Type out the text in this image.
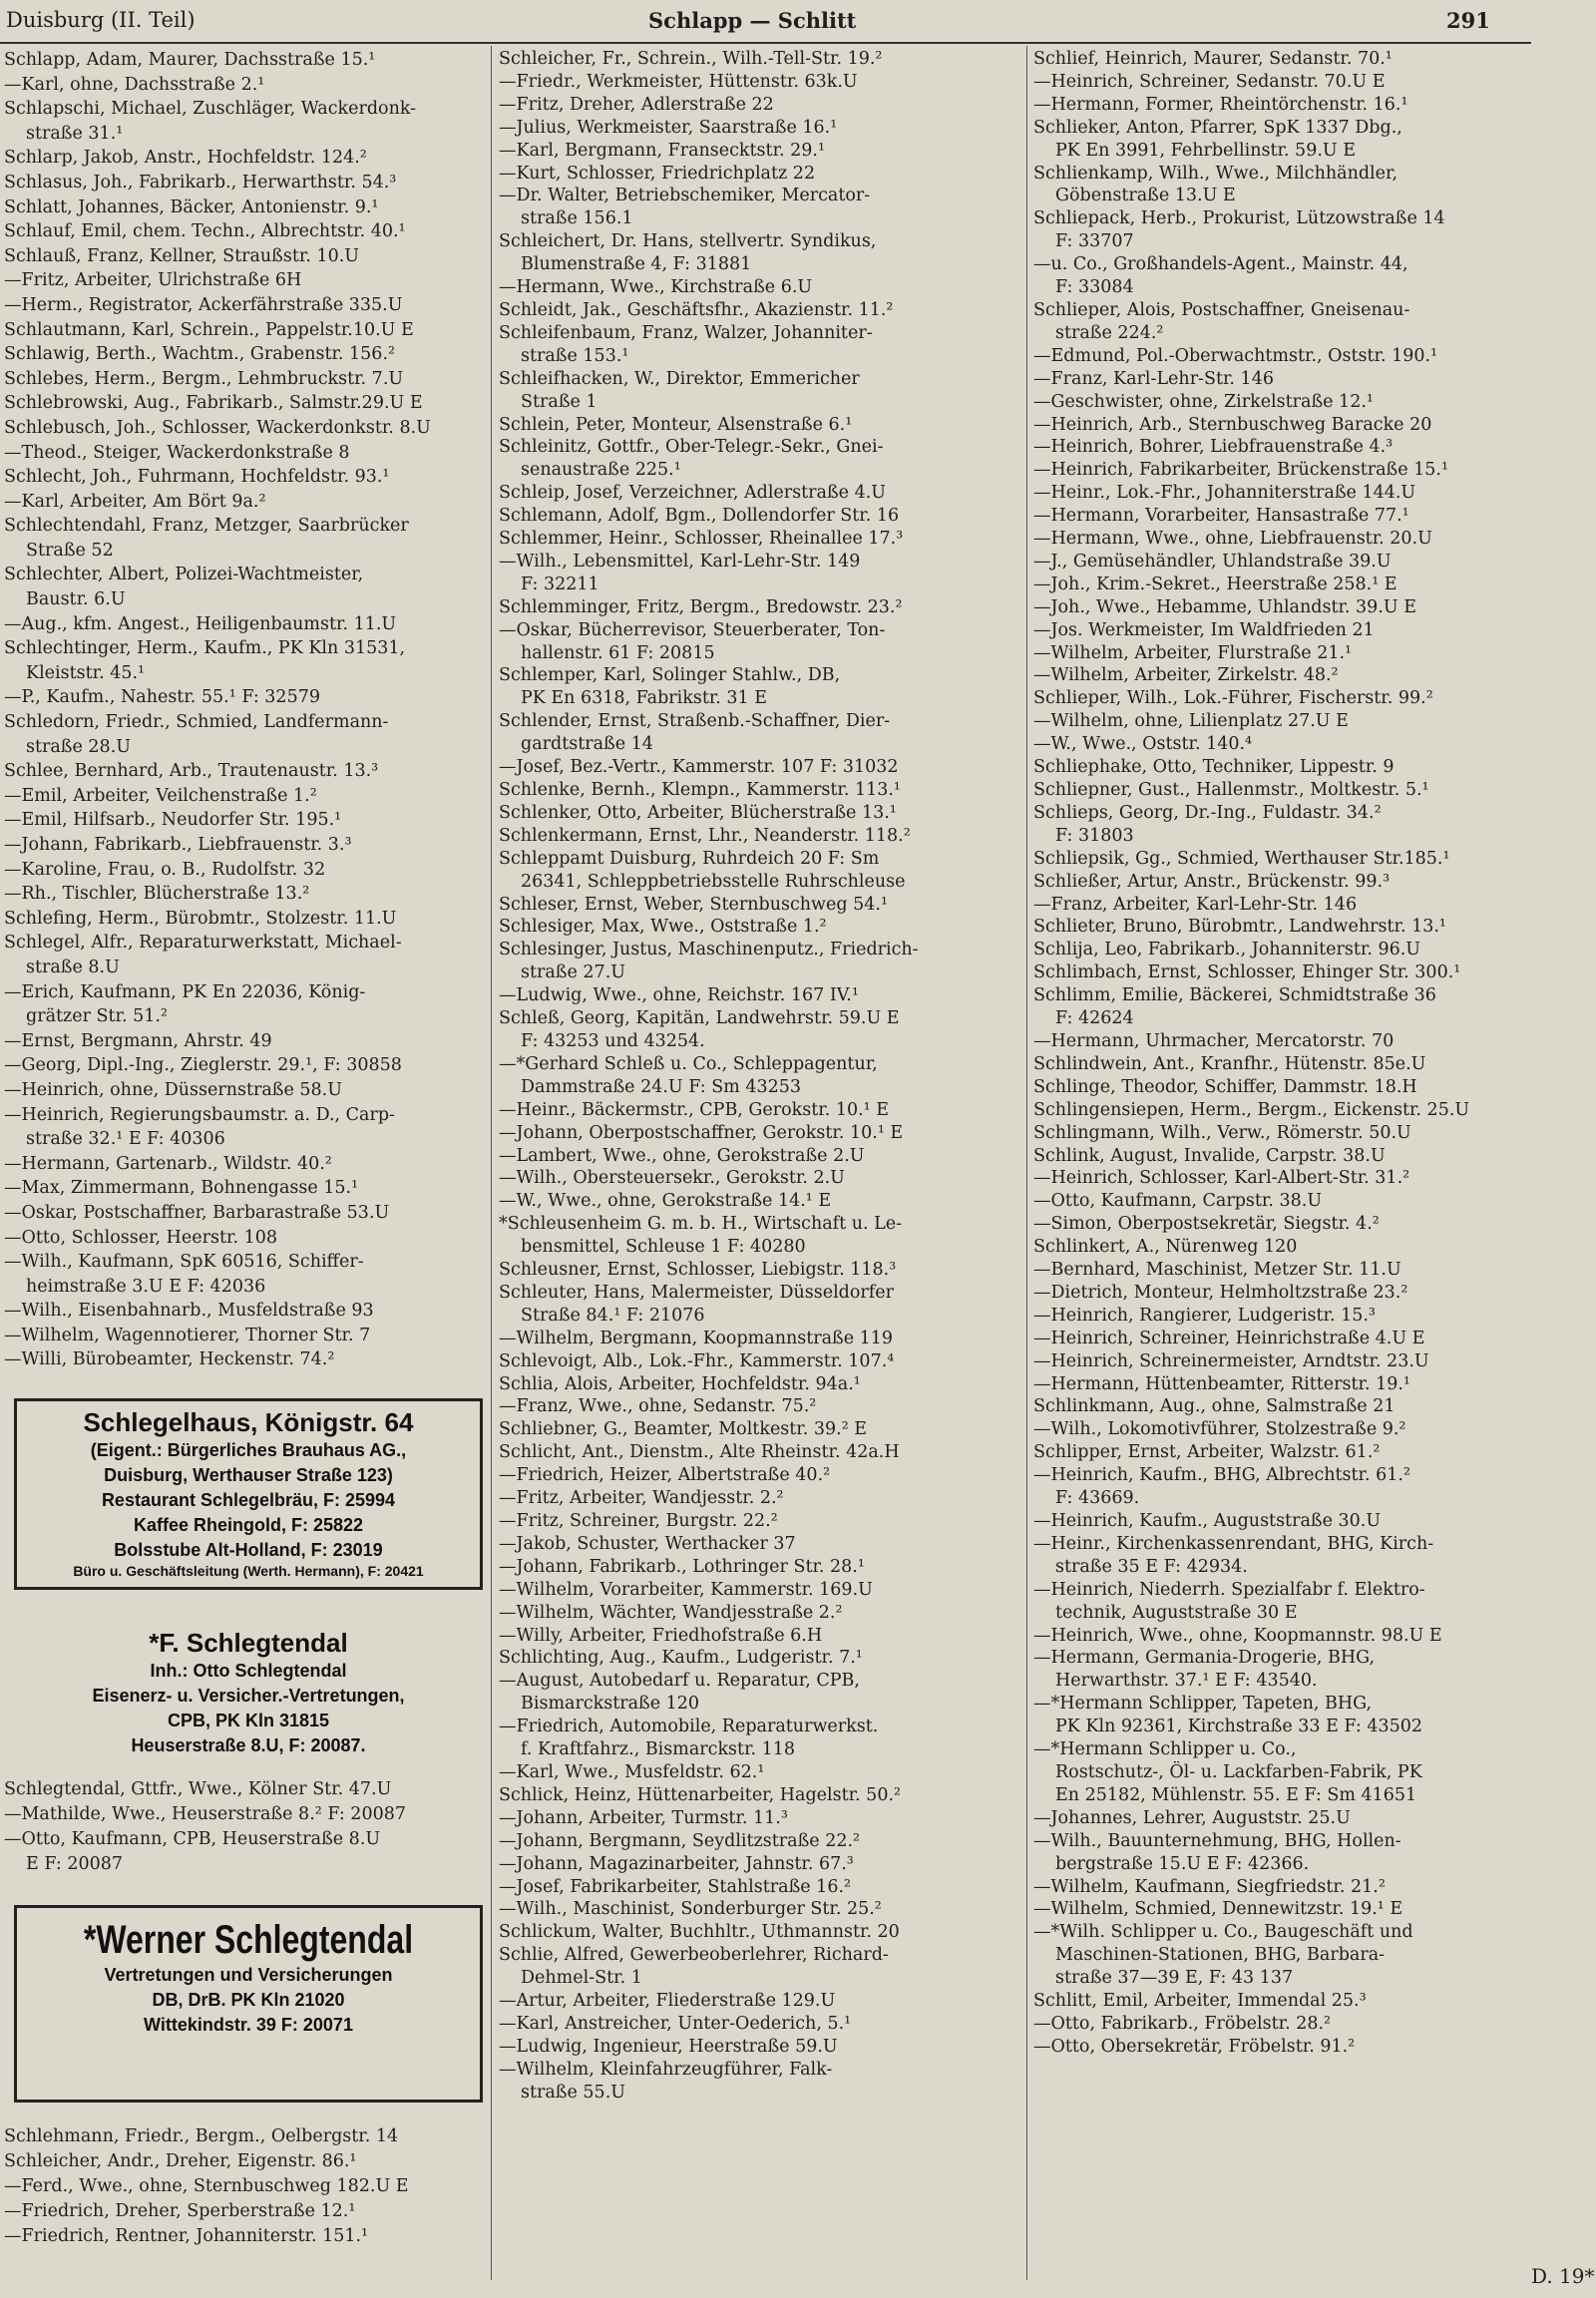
Duisburg (II. Teil)	Schlapp — Schlitt	291
Schlapp, Adam, Maurer, Dachsstraße 15.¹
—Karl, ohne, Dachsstraße 2.¹
Schlapschi, Michael, Zuschläger, Wackerdonk-
straße 31.¹
Schlarp, Jakob, Anstr., Hochfeldstr. 124.²
Schlasus, Joh., Fabrikarb., Herwarthstr. 54.³
Schlatt, Johannes, Bäcker, Antonienstr. 9.¹
Schlauf, Emil, chem. Techn., Albrechtstr. 40.¹
Schlauß, Franz, Kellner, Straußstr. 10.U
—Fritz, Arbeiter, Ulrichstraße 6H
—Herm., Registrator, Ackerfährstraße 335.U
Schlautmann, Karl, Schrein., Pappelstr.10.U E
Schlawig, Berth., Wachtm., Grabenstr. 156.²
Schlebes, Herm., Bergm., Lehmbruckstr. 7.U
Schlebrowski, Aug., Fabrikarb., Salmstr.29.U E
Schlebusch, Joh., Schlosser, Wackerdonkstr. 8.U
—Theod., Steiger, Wackerdonkstraße 8
Schlecht, Joh., Fuhrmann, Hochfeldstr. 93.¹
—Karl, Arbeiter, Am Bört 9a.²
Schlechtendahl, Franz, Metzger, Saarbrücker
Straße 52
Schlechter, Albert, Polizei-Wachtmeister,
Baustr. 6.U
—Aug., kfm. Angest., Heiligenbaumstr. 11.U
Schlechtinger, Herm., Kaufm., PK Kln 31531,
Kleiststr. 45.¹
—P., Kaufm., Nahestr. 55.¹ F: 32579
Schledorn, Friedr., Schmied, Landfermann-
straße 28.U
Schlee, Bernhard, Arb., Trautenaustr. 13.³
—Emil, Arbeiter, Veilchenstraße 1.²
—Emil, Hilfsarb., Neudorfer Str. 195.¹
—Johann, Fabrikarb., Liebfrauenstr. 3.³
—Karoline, Frau, o. B., Rudolfstr. 32
—Rh., Tischler, Blücherstraße 13.²
Schlefing, Herm., Bürobmtr., Stolzestr. 11.U
Schlegel, Alfr., Reparaturwerkstatt, Michael-
straße 8.U
—Erich, Kaufmann, PK En 22036, König-
grätzer Str. 51.²
—Ernst, Bergmann, Ahrstr. 49
—Georg, Dipl.-Ing., Zieglerstr. 29.¹, F: 30858
—Heinrich, ohne, Düssernstraße 58.U
—Heinrich, Regierungsbaumstr. a. D., Carp-
straße 32.¹ E F: 40306
—Hermann, Gartenarb., Wildstr. 40.²
—Max, Zimmermann, Bohnengasse 15.¹
—Oskar, Postschaffner, Barbarastraße 53.U
—Otto, Schlosser, Heerstr. 108
—Wilh., Kaufmann, SpK 60516, Schiffer-
heimstraße 3.U E F: 42036
—Wilh., Eisenbahnarb., Musfeldstraße 93
—Wilhelm, Wagennotierer, Thorner Str. 7
—Willi, Bürobeamter, Heckenstr. 74.²
Schlegelhaus, Königstr. 64
(Eigent.: Bürgerliches Brauhaus AG.,
Duisburg, Werthauser Straße 123)
Restaurant Schlegelbräu, F: 25994
Kaffee Rheingold, F: 25822
Bolsstube Alt-Holland, F: 23019
Büro u. Geschäftsleitung (Werth. Hermann), F: 20421
*F. Schlegtendal
Inh.: Otto Schlegtendal
Eisenerz- u. Versicher.-Vertretungen,
CPB, PK Kln 31815
Heuserstraße 8.U, F: 20087.
Schlegtendal, Gttfr., Wwe., Kölner Str. 47.U
—Mathilde, Wwe., Heuserstraße 8.² F: 20087
—Otto, Kaufmann, CPB, Heuserstraße 8.U
E F: 20087
*Werner Schlegtendal
Vertretungen und Versicherungen
DB, DrB. PK Kln 21020
Wittekindstr. 39 F: 20071
Schlehmann, Friedr., Bergm., Oelbergstr. 14
Schleicher, Andr., Dreher, Eigenstr. 86.¹
—Ferd., Wwe., ohne, Sternbuschweg 182.U E
—Friedrich, Dreher, Sperberstraße 12.¹
—Friedrich, Rentner, Johanniterstr. 151.¹
Schleicher, Fr., Schrein., Wilh.-Tell-Str. 19.²
—Friedr., Werkmeister, Hüttenstr. 63k.U
—Fritz, Dreher, Adlerstraße 22
—Julius, Werkmeister, Saarstraße 16.¹
—Karl, Bergmann, Fransecktstr. 29.¹
—Kurt, Schlosser, Friedrichplatz 22
—Dr. Walter, Betriebschemiker, Mercator-
straße 156.1
Schleichert, Dr. Hans, stellvertr. Syndikus,
Blumenstraße 4, F: 31881
—Hermann, Wwe., Kirchstraße 6.U
Schleidt, Jak., Geschäftsfhr., Akazienstr. 11.²
Schleifenbaum, Franz, Walzer, Johanniter-
straße 153.¹
Schleifhacken, W., Direktor, Emmericher
Straße 1
Schlein, Peter, Monteur, Alsenstraße 6.¹
Schleinitz, Gottfr., Ober-Telegr.-Sekr., Gnei-
senaustraße 225.¹
Schleip, Josef, Verzeichner, Adlerstraße 4.U
Schlemann, Adolf, Bgm., Dollendorfer Str. 16
Schlemmer, Heinr., Schlosser, Rheinallee 17.³
—Wilh., Lebensmittel, Karl-Lehr-Str. 149
F: 32211
Schlemminger, Fritz, Bergm., Bredowstr. 23.²
—Oskar, Bücherrevisor, Steuerberater, Ton-
hallenstr. 61 F: 20815
Schlemper, Karl, Solinger Stahlw., DB,
PK En 6318, Fabrikstr. 31 E
Schlender, Ernst, Straßenb.-Schaffner, Dier-
gardtstraße 14
—Josef, Bez.-Vertr., Kammerstr. 107 F: 31032
Schlenke, Bernh., Klempn., Kammerstr. 113.¹
Schlenker, Otto, Arbeiter, Blücherstraße 13.¹
Schlenkermann, Ernst, Lhr., Neanderstr. 118.²
Schleppamt Duisburg, Ruhrdeich 20 F: Sm
26341, Schleppbetriebsstelle Ruhrschleuse
Schleser, Ernst, Weber, Sternbuschweg 54.¹
Schlesiger, Max, Wwe., Oststraße 1.²
Schlesinger, Justus, Maschinenputz., Friedrich-
straße 27.U
—Ludwig, Wwe., ohne, Reichstr. 167 IV.¹
Schleß, Georg, Kapitän, Landwehrstr. 59.U E
F: 43253 und 43254.
—*Gerhard Schleß u. Co., Schleppagentur,
Dammstraße 24.U F: Sm 43253
—Heinr., Bäckermstr., CPB, Gerokstr. 10.¹ E
—Johann, Oberpostschaffner, Gerokstr. 10.¹ E
—Lambert, Wwe., ohne, Gerokstraße 2.U
—Wilh., Obersteuersekr., Gerokstr. 2.U
—W., Wwe., ohne, Gerokstraße 14.¹ E
*Schleusenheim G. m. b. H., Wirtschaft u. Le-
bensmittel, Schleuse 1 F: 40280
Schleusner, Ernst, Schlosser, Liebigstr. 118.³
Schleuter, Hans, Malermeister, Düsseldorfer
Straße 84.¹ F: 21076
—Wilhelm, Bergmann, Koopmannstraße 119
Schlevoigt, Alb., Lok.-Fhr., Kammerstr. 107.⁴
Schlia, Alois, Arbeiter, Hochfeldstr. 94a.¹
—Franz, Wwe., ohne, Sedanstr. 75.²
Schliebner, G., Beamter, Moltkestr. 39.² E
Schlicht, Ant., Dienstm., Alte Rheinstr. 42a.H
—Friedrich, Heizer, Albertstraße 40.²
—Fritz, Arbeiter, Wandjesstr. 2.²
—Fritz, Schreiner, Burgstr. 22.²
—Jakob, Schuster, Werthacker 37
—Johann, Fabrikarb., Lothringer Str. 28.¹
—Wilhelm, Vorarbeiter, Kammerstr. 169.U
—Wilhelm, Wächter, Wandjesstraße 2.²
—Willy, Arbeiter, Friedhofstraße 6.H
Schlichting, Aug., Kaufm., Ludgeristr. 7.¹
—August, Autobedarf u. Reparatur, CPB,
Bismarckstraße 120
—Friedrich, Automobile, Reparaturwerkst.
f. Kraftfahrz., Bismarckstr. 118
—Karl, Wwe., Musfeldstr. 62.¹
Schlick, Heinz, Hüttenarbeiter, Hagelstr. 50.²
—Johann, Arbeiter, Turmstr. 11.³
—Johann, Bergmann, Seydlitzstraße 22.²
—Johann, Magazinarbeiter, Jahnstr. 67.³
—Josef, Fabrikarbeiter, Stahlstraße 16.²
—Wilh., Maschinist, Sonderburger Str. 25.²
Schlickum, Walter, Buchhltr., Uthmannstr. 20
Schlie, Alfred, Gewerbeoberlehrer, Richard-
Dehmel-Str. 1
—Artur, Arbeiter, Fliederstraße 129.U
—Karl, Anstreicher, Unter-Oederich, 5.¹
—Ludwig, Ingenieur, Heerstraße 59.U
—Wilhelm, Kleinfahrzeugführer, Falk-
straße 55.U
Schlief, Heinrich, Maurer, Sedanstr. 70.¹
—Heinrich, Schreiner, Sedanstr. 70.U E
—Hermann, Former, Rheintörchenstr. 16.¹
Schlieker, Anton, Pfarrer, SpK 1337 Dbg.,
PK En 3991, Fehrbellinstr. 59.U E
Schlienkamp, Wilh., Wwe., Milchhändler,
Göbenstraße 13.U E
Schliepack, Herb., Prokurist, Lützowstraße 14
F: 33707
—u. Co., Großhandels-Agent., Mainstr. 44,
F: 33084
Schlieper, Alois, Postschaffner, Gneisenau-
straße 224.²
—Edmund, Pol.-Oberwachtmstr., Oststr. 190.¹
—Franz, Karl-Lehr-Str. 146
—Geschwister, ohne, Zirkelstraße 12.¹
—Heinrich, Arb., Sternbuschweg Baracke 20
—Heinrich, Bohrer, Liebfrauenstraße 4.³
—Heinrich, Fabrikarbeiter, Brückenstraße 15.¹
—Heinr., Lok.-Fhr., Johanniterstraße 144.U
—Hermann, Vorarbeiter, Hansastraße 77.¹
—Hermann, Wwe., ohne, Liebfrauenstr. 20.U
—J., Gemüsehändler, Uhlandstraße 39.U
—Joh., Krim.-Sekret., Heerstraße 258.¹ E
—Joh., Wwe., Hebamme, Uhlandstr. 39.U E
—Jos. Werkmeister, Im Waldfrieden 21
—Wilhelm, Arbeiter, Flurstraße 21.¹
—Wilhelm, Arbeiter, Zirkelstr. 48.²
Schlieper, Wilh., Lok.-Führer, Fischerstr. 99.²
—Wilhelm, ohne, Lilienplatz 27.U E
—W., Wwe., Oststr. 140.⁴
Schliephake, Otto, Techniker, Lippestr. 9
Schliepner, Gust., Hallenmstr., Moltkestr. 5.¹
Schlieps, Georg, Dr.-Ing., Fuldastr. 34.²
F: 31803
Schliepsik, Gg., Schmied, Werthauser Str.185.¹
Schließer, Artur, Anstr., Brückenstr. 99.³
—Franz, Arbeiter, Karl-Lehr-Str. 146
Schlieter, Bruno, Bürobmtr., Landwehrstr. 13.¹
Schlija, Leo, Fabrikarb., Johanniterstr. 96.U
Schlimbach, Ernst, Schlosser, Ehinger Str. 300.¹
Schlimm, Emilie, Bäckerei, Schmidtstraße 36
F: 42624
—Hermann, Uhrmacher, Mercatorstr. 70
Schlindwein, Ant., Kranfhr., Hütenstr. 85e.U
Schlinge, Theodor, Schiffer, Dammstr. 18.H
Schlingensiepen, Herm., Bergm., Eickenstr. 25.U
Schlingmann, Wilh., Verw., Römerstr. 50.U
Schlink, August, Invalide, Carpstr. 38.U
—Heinrich, Schlosser, Karl-Albert-Str. 31.²
—Otto, Kaufmann, Carpstr. 38.U
—Simon, Oberpostsekretär, Siegstr. 4.²
Schlinkert, A., Nürenweg 120
—Bernhard, Maschinist, Metzer Str. 11.U
—Dietrich, Monteur, Helmholtzstraße 23.²
—Heinrich, Rangierer, Ludgeristr. 15.³
—Heinrich, Schreiner, Heinrichstraße 4.U E
—Heinrich, Schreinermeister, Arndtstr. 23.U
—Hermann, Hüttenbeamter, Ritterstr. 19.¹
Schlinkmann, Aug., ohne, Salmstraße 21
—Wilh., Lokomotivführer, Stolzestraße 9.²
Schlipper, Ernst, Arbeiter, Walzstr. 61.²
—Heinrich, Kaufm., BHG, Albrechtstr. 61.²
F: 43669.
—Heinrich, Kaufm., Auguststraße 30.U
—Heinr., Kirchenkassenrendant, BHG, Kirch-
straße 35 E F: 42934.
—Heinrich, Niederrh. Spezialfabr f. Elektro-
technik, Auguststraße 30 E
—Heinrich, Wwe., ohne, Koopmannstr. 98.U E
—Hermann, Germania-Drogerie, BHG,
Herwarthstr. 37.¹ E F: 43540.
—*Hermann Schlipper, Tapeten, BHG,
PK Kln 92361, Kirchstraße 33 E F: 43502
—*Hermann Schlipper u. Co.,
Rostschutz-, Öl- u. Lackfarben-Fabrik, PK
En 25182, Mühlenstr. 55. E F: Sm 41651
—Johannes, Lehrer, Auguststr. 25.U
—Wilh., Bauunternehmung, BHG, Hollen-
bergstraße 15.U E F: 42366.
—Wilhelm, Kaufmann, Siegfriedstr. 21.²
—Wilhelm, Schmied, Dennewitzstr. 19.¹ E
—*Wilh. Schlipper u. Co., Baugeschäft und
Maschinen-Stationen, BHG, Barbara-
straße 37—39 E, F: 43 137
Schlitt, Emil, Arbeiter, Immendal 25.³
—Otto, Fabrikarb., Fröbelstr. 28.²
—Otto, Obersekretär, Fröbelstr. 91.²
D. 19*
